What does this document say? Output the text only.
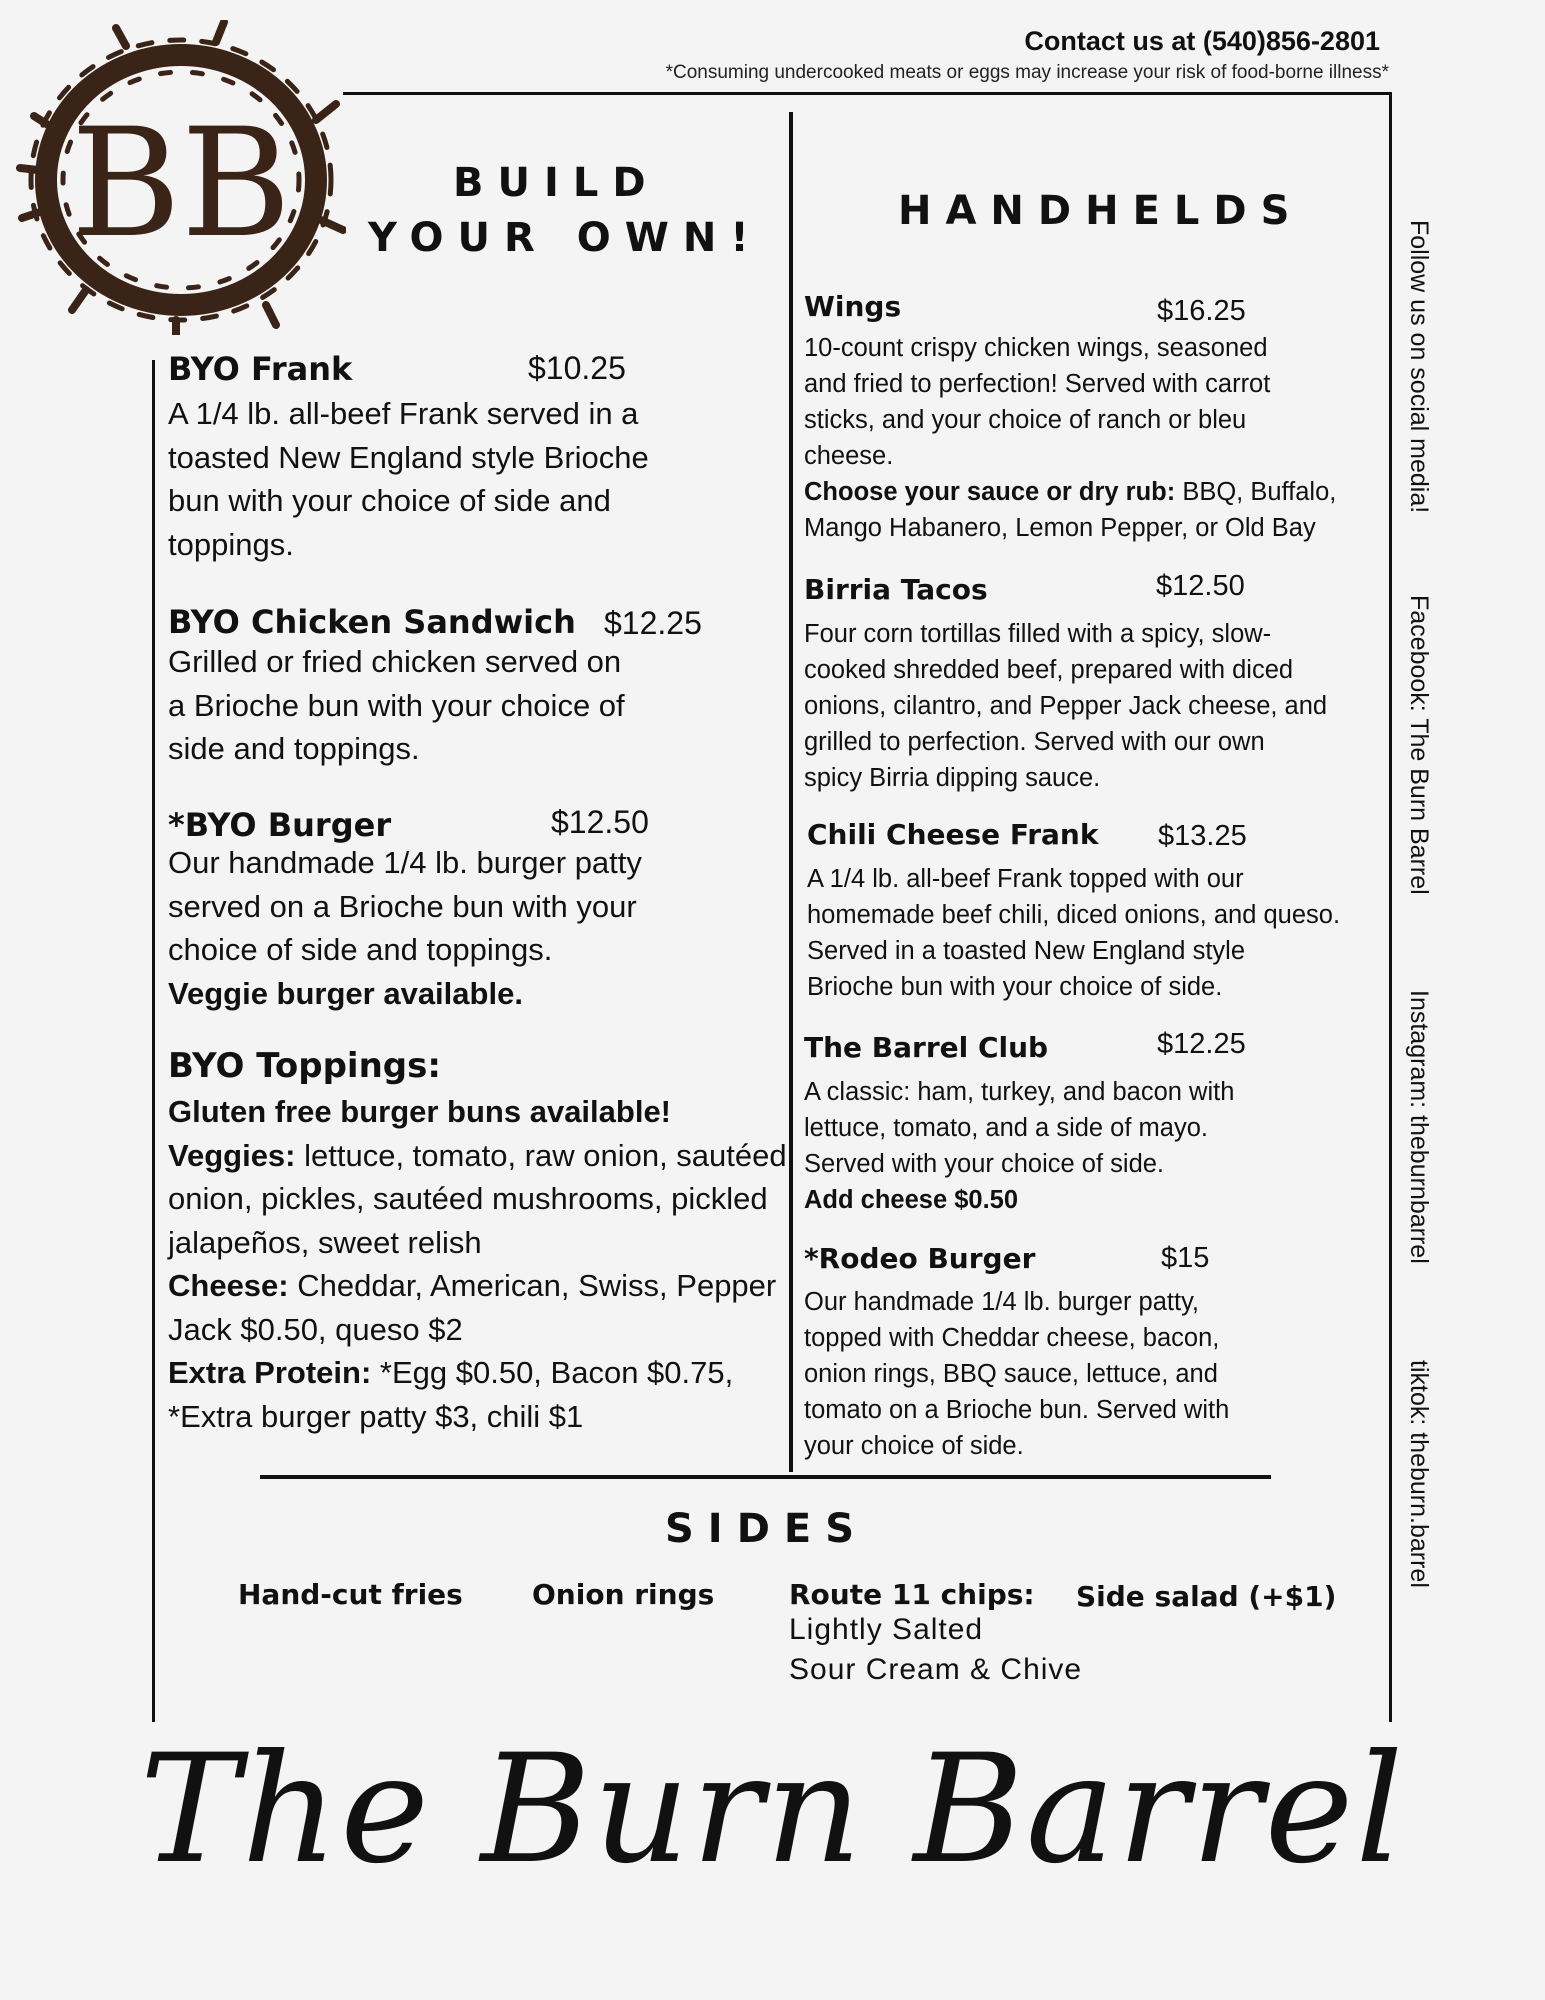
Contact us at (540)856-2801
*Consuming undercooked meats or eggs may increase your risk of food-borne illness*
BB	BUILD
YOUR OWN!
BYO Frank	$10.25
A 1/4 lb. all-beef Frank served in a
toasted New England style Brioche
bun with your choice of side and
toppings.
BYO Chicken Sandwich $12.25
Grilled or fried chicken served on
a Brioche bun with your choice of
side and toppings.
*BYO Burger	$12.50
Our handmade 1/4 lb. burger patty
served on a Brioche bun with your
choice of side and toppings.
Veggie burger available.
BYO Toppings:
Gluten free burger buns available!
Veggies: lettuce, tomato, raw onion, sautéed
onion, pickles, sautéed mushrooms, pickled
jalapeños, sweet relish
Cheese: Cheddar, American, Swiss, Pepper
Jack $0.50, queso $2
Extra Protein: *Egg $0.50, Bacon $0.75,
*Extra burger patty $3, chili $1
HANDHELDS
Wings	$16.25
10-count crispy chicken wings, seasoned
and fried to perfection! Served with carrot
sticks, and your choice of ranch or bleu
cheese.
Choose your sauce or dry rub: BBQ, Buffalo,
Mango Habanero, Lemon Pepper, or Old Bay
Birria Tacos	$12.50
Four corn tortillas filled with a spicy, slow-
cooked shredded beef, prepared with diced
onions, cilantro, and Pepper Jack cheese, and
grilled to perfection. Served with our own
spicy Birria dipping sauce.
Chili Cheese Frank $13.25
A 1/4 lb. all-beef Frank topped with our
homemade beef chili, diced onions, and queso.
Served in a toasted New England style
Brioche bun with your choice of side.
The Barrel Club	$12.25
A classic: ham, turkey, and bacon with
lettuce, tomato, and a side of mayo.
Served with your choice of side.
Add cheese $0.50
*Rodeo Burger	$15
Our handmade 1/4 lb. burger patty,
topped with Cheddar cheese, bacon,
onion rings, BBQ sauce, lettuce, and
tomato on a Brioche bun. Served with
your choice of side.
SIDES
Hand-cut fries Onion rings	Route 11 chips: Side salad (+$1)
Lightly Salted
Sour Cream & Chive
Follow us on social media!
Facebook: The Burn Barrel
Instagram: theburnbarrel
tiktok: theburn.barrel
The Burn Barrel
